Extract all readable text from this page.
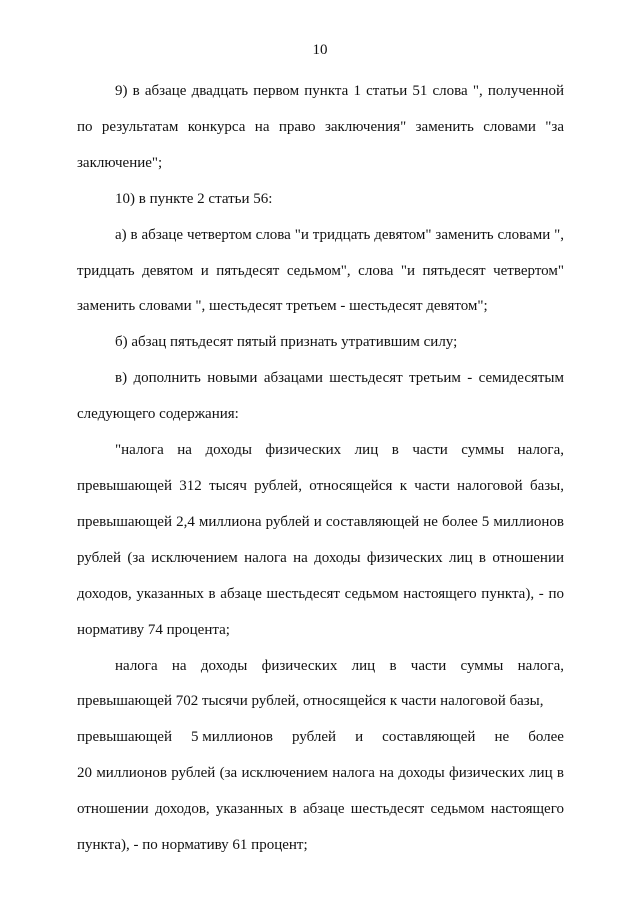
10

9) в абзаце двадцать первом пункта 1 статьи 51 слова ", полученной по результатам конкурса на право заключения" заменить словами "за заключение";

10) в пункте 2 статьи 56:

а) в абзаце четвертом слова "и тридцать девятом" заменить словами ", тридцать девятом и пятьдесят седьмом", слова "и пятьдесят четвертом" заменить словами ", шестьдесят третьем - шестьдесят девятом";

б) абзац пятьдесят пятый признать утратившим силу;

в) дополнить новыми абзацами шестьдесят третьим - семидесятым следующего содержания:

"налога на доходы физических лиц в части суммы налога, превышающей 312 тысяч рублей, относящейся к части налоговой базы, превышающей 2,4 миллиона рублей и составляющей не более 5 миллионов рублей (за исключением налога на доходы физических лиц в отношении доходов, указанных в абзаце шестьдесят седьмом настоящего пункта), - по нормативу 74 процента;

налога на доходы физических лиц в части суммы налога, превышающей 702 тысячи рублей, относящейся к части налоговой базы,

превышающей 5 миллионов рублей и составляющей не более

20 миллионов рублей (за исключением налога на доходы физических лиц в отношении доходов, указанных в абзаце шестьдесят седьмом настоящего пункта), - по нормативу 61 процент;
